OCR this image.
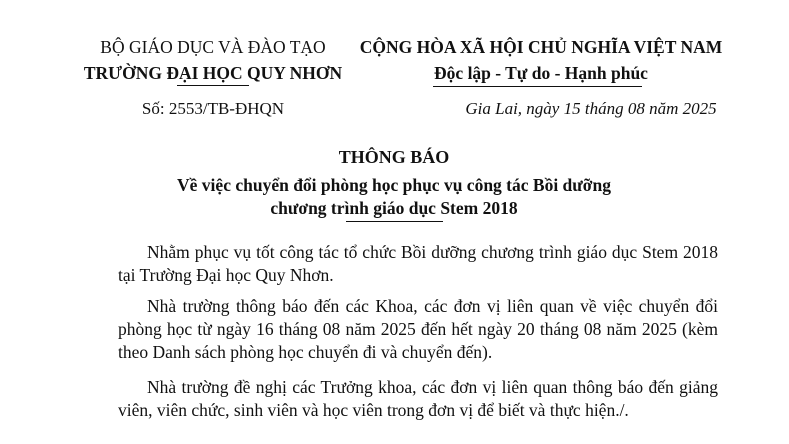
BỘ GIÁO DỤC VÀ ĐÀO TẠO
TRƯỜNG ĐẠI HỌC QUY NHƠN
Số: 2553/TB-ĐHQN
CỘNG HÒA XÃ HỘI CHỦ NGHĨA VIỆT NAM
Độc lập - Tự do - Hạnh phúc
Gia Lai, ngày 15 tháng 08 năm 2025
THÔNG BÁO
Về việc chuyển đổi phòng học phục vụ công tác Bồi dưỡng
chương trình giáo dục Stem 2018
Nhằm phục vụ tốt công tác tổ chức Bồi dưỡng chương trình giáo dục Stem 2018 tại Trường Đại học Quy Nhơn.
Nhà trường thông báo đến các Khoa, các đơn vị liên quan về việc chuyển đổi phòng học từ ngày 16 tháng 08 năm 2025 đến hết ngày 20 tháng 08 năm 2025 (kèm theo Danh sách phòng học chuyển đi và chuyển đến).
Nhà trường đề nghị các Trưởng khoa, các đơn vị liên quan thông báo đến giảng viên, viên chức, sinh viên và học viên trong đơn vị để biết và thực hiện./.
